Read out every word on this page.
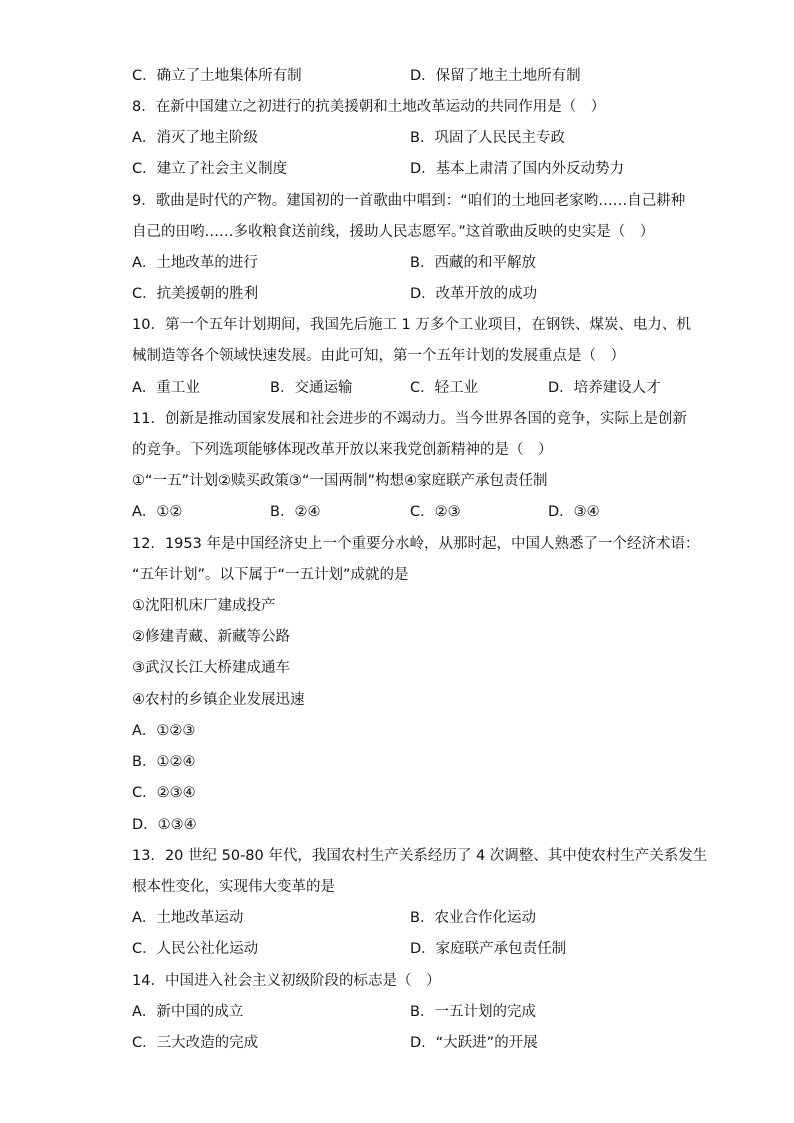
C．确立了土地集体所有制	D．保留了地主土地所有制
8．在新中国建立之初进行的抗美援朝和土地改革运动的共同作用是（　）
A．消灭了地主阶级	B．巩固了人民民主专政
C．建立了社会主义制度	D．基本上肃清了国内外反动势力
9．歌曲是时代的产物。建国初的一首歌曲中唱到：“咱们的土地回老家哟……自己耕种
自己的田哟……多收粮食送前线，援助人民志愿军。”这首歌曲反映的史实是（　）
A．土地改革的进行	B．西藏的和平解放
C．抗美援朝的胜利	D．改革开放的成功
10．第一个五年计划期间，我国先后施工 1 万多个工业项目，在钢铁、煤炭、电力、机
械制造等各个领域快速发展。由此可知，第一个五年计划的发展重点是（　）
A．重工业	B．交通运输	C．轻工业	D．培养建设人才
11．创新是推动国家发展和社会进步的不竭动力。当今世界各国的竞争，实际上是创新
的竞争。下列选项能够体现改革开放以来我党创新精神的是（　）
①“一五”计划②赎买政策③“一国两制”构想④家庭联产承包责任制
A．①②	B．②④	C．②③	D．③④
12．1953 年是中国经济史上一个重要分水岭，从那时起，中国人熟悉了一个经济术语：
“五年计划”。以下属于“一五计划”成就的是
①沈阳机床厂建成投产
②修建青藏、新藏等公路
③武汉长江大桥建成通车
④农村的乡镇企业发展迅速
A．①②③
B．①②④
C．②③④
D．①③④
13．20 世纪 50-80 年代，我国农村生产关系经历了 4 次调整、其中使农村生产关系发生
根本性变化，实现伟大变革的是
A．土地改革运动	B．农业合作化运动
C．人民公社化运动	D．家庭联产承包责任制
14．中国进入社会主义初级阶段的标志是（　）
A．新中国的成立	B．一五计划的完成
C．三大改造的完成	D．“大跃进”的开展
